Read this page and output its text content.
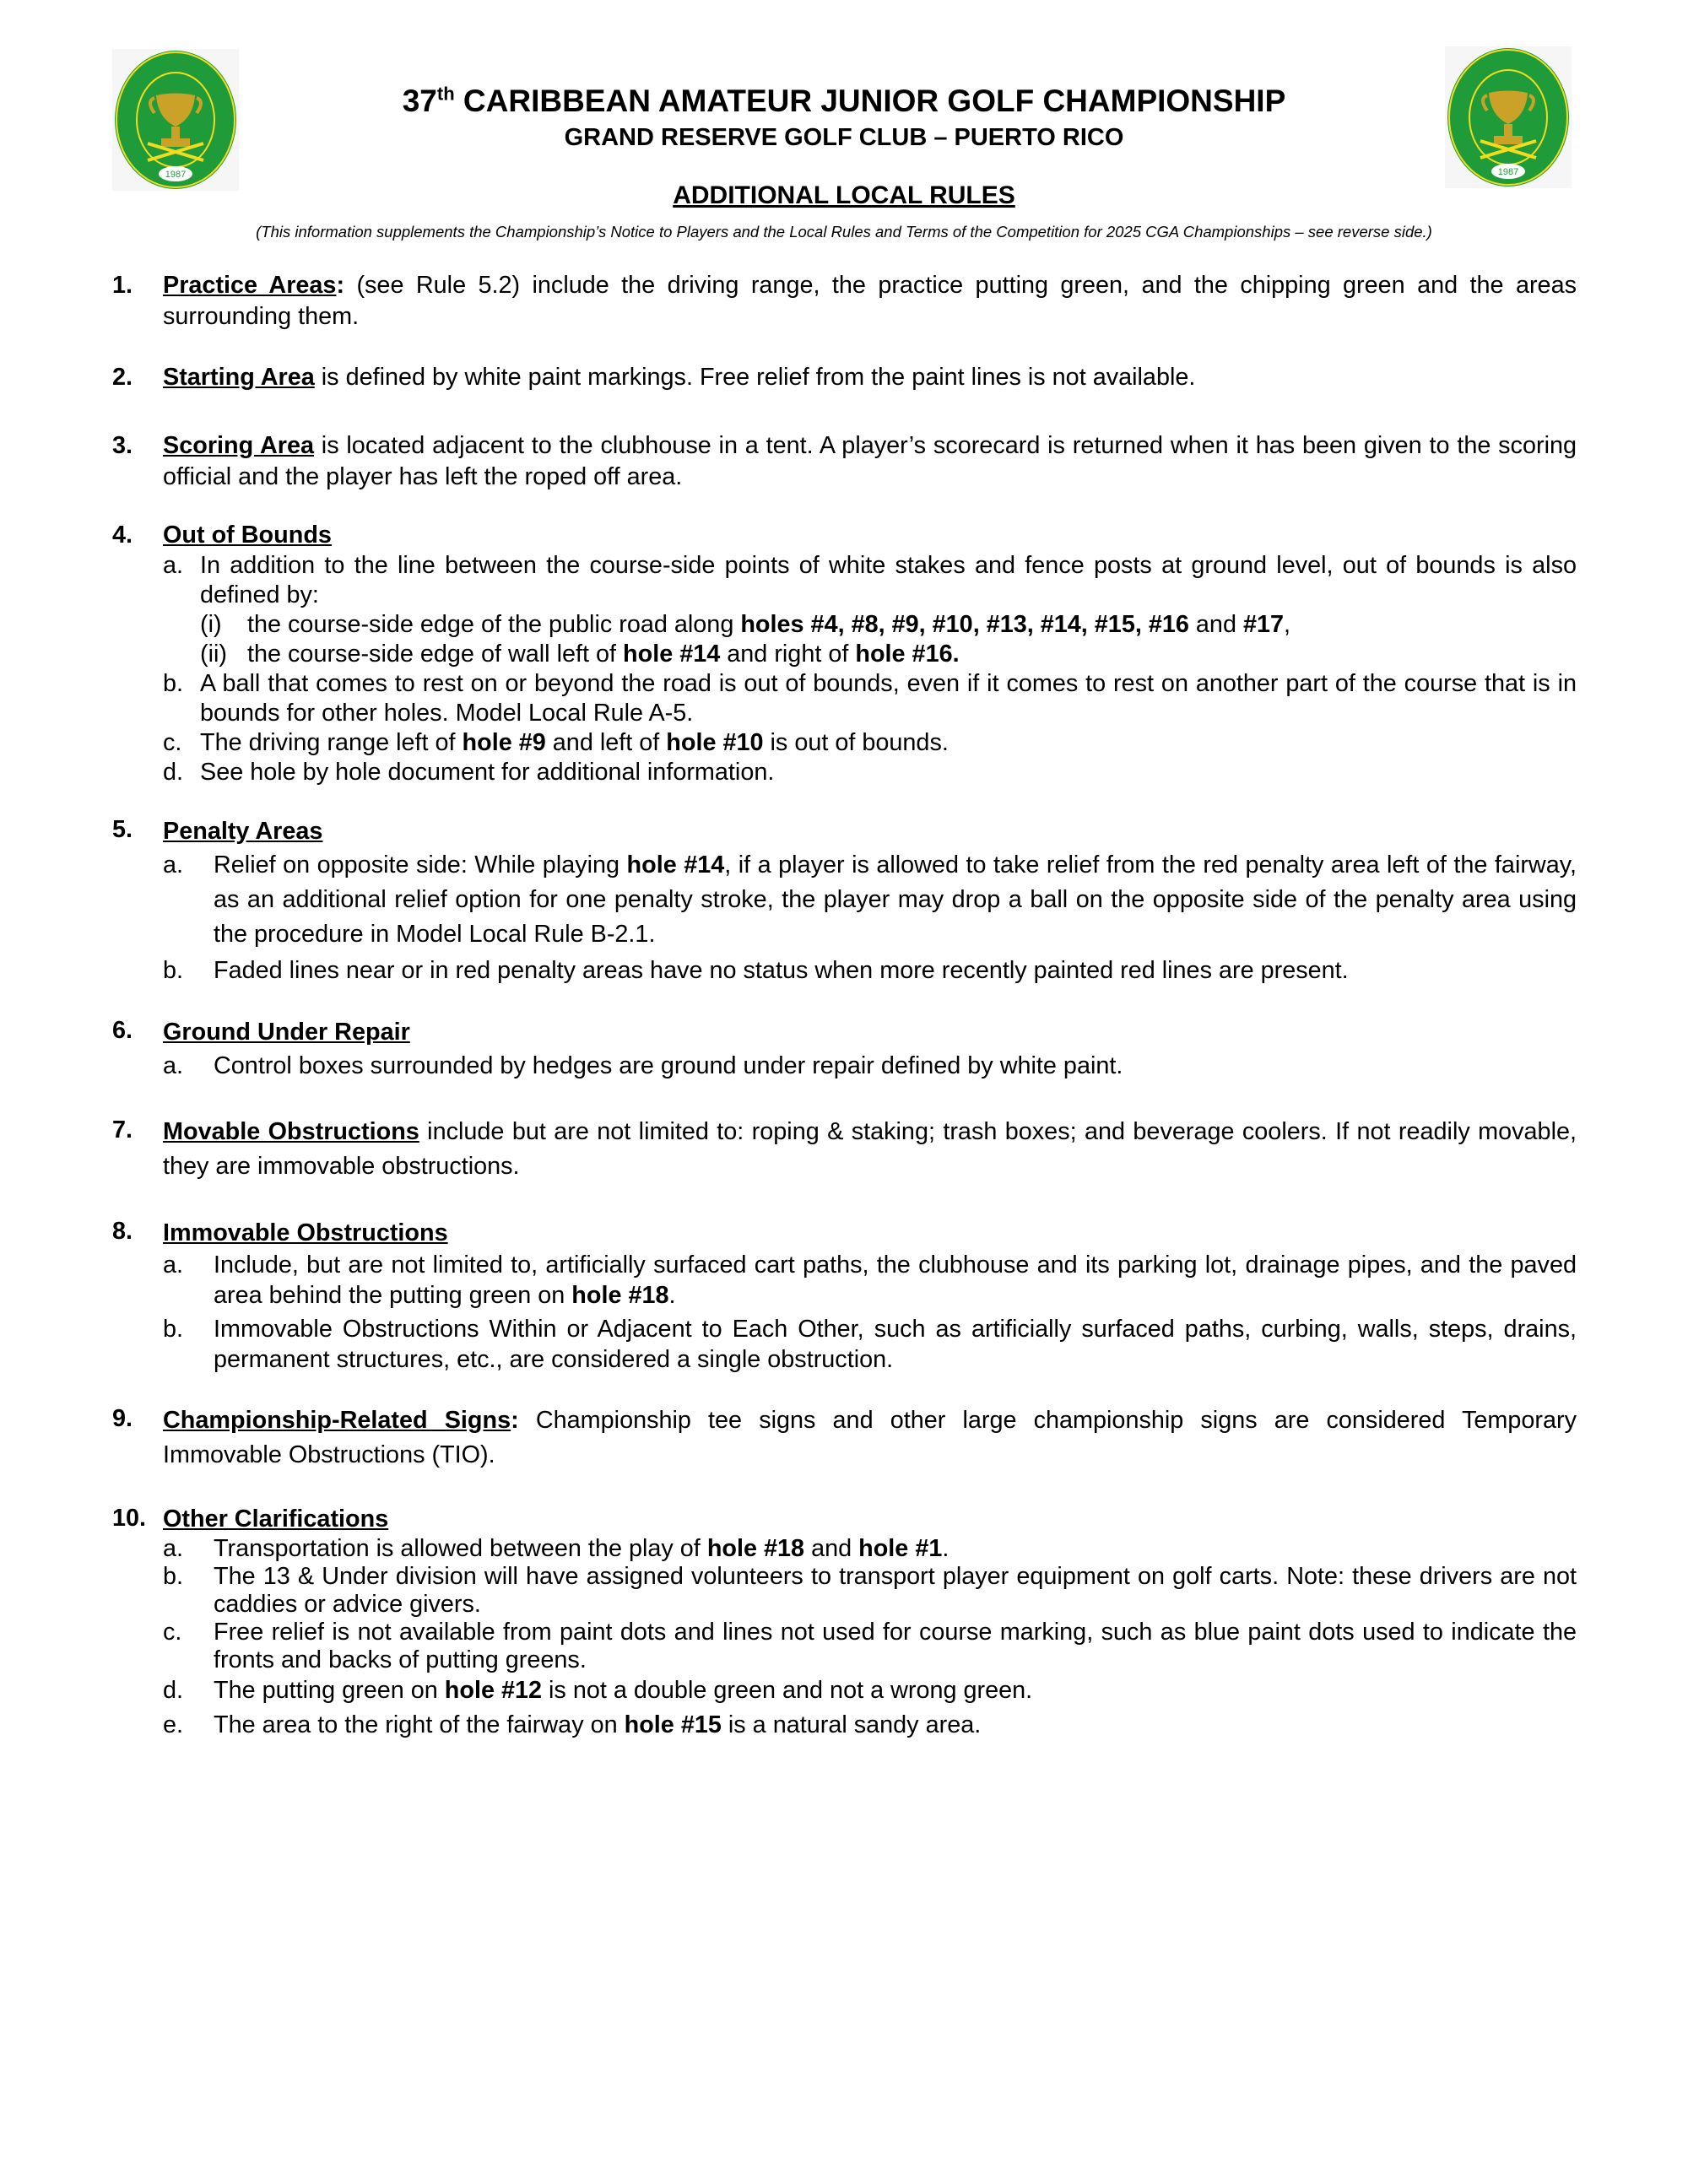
1987	1987
37th CARIBBEAN AMATEUR JUNIOR GOLF CHAMPIONSHIP
GRAND RESERVE GOLF CLUB – PUERTO RICO
ADDITIONAL LOCAL RULES
(This information supplements the Championship’s Notice to Players and the Local Rules and Terms of the Competition for 2025 CGA Championships – see reverse side.)
1. Practice Areas: (see Rule 5.2) include the driving range, the practice putting green, and the chipping green and the areas surrounding them.
2. Starting Area is defined by white paint markings. Free relief from the paint lines is not available.
3. Scoring Area is located adjacent to the clubhouse in a tent. A player’s scorecard is returned when it has been given to the scoring official and the player has left the roped off area.
4. Out of Bounds
a. In addition to the line between the course-side points of white stakes and fence posts at ground level, out of bounds is also defined by:
(i) the course-side edge of the public road along holes #4, #8, #9, #10, #13, #14, #15, #16 and #17,
(ii) the course-side edge of wall left of hole #14 and right of hole #16.
b. A ball that comes to rest on or beyond the road is out of bounds, even if it comes to rest on another part of the course that is in bounds for other holes. Model Local Rule A-5.
c. The driving range left of hole #9 and left of hole #10 is out of bounds.
d. See hole by hole document for additional information.
5. Penalty Areas
a. Relief on opposite side: While playing hole #14, if a player is allowed to take relief from the red penalty area left of the fairway, as an additional relief option for one penalty stroke, the player may drop a ball on the opposite side of the penalty area using the procedure in Model Local Rule B-2.1.
b. Faded lines near or in red penalty areas have no status when more recently painted red lines are present.
6. Ground Under Repair
a. Control boxes surrounded by hedges are ground under repair defined by white paint.
7. Movable Obstructions include but are not limited to: roping & staking; trash boxes; and beverage coolers. If not readily movable, they are immovable obstructions.
8. Immovable Obstructions
a. Include, but are not limited to, artificially surfaced cart paths, the clubhouse and its parking lot, drainage pipes, and the paved area behind the putting green on hole #18.
b. Immovable Obstructions Within or Adjacent to Each Other, such as artificially surfaced paths, curbing, walls, steps, drains, permanent structures, etc., are considered a single obstruction.
9. Championship-Related Signs: Championship tee signs and other large championship signs are considered Temporary Immovable Obstructions (TIO).
10. Other Clarifications
a. Transportation is allowed between the play of hole #18 and hole #1.
b. The 13 & Under division will have assigned volunteers to transport player equipment on golf carts. Note: these drivers are not caddies or advice givers.
c. Free relief is not available from paint dots and lines not used for course marking, such as blue paint dots used to indicate the fronts and backs of putting greens.
d. The putting green on hole #12 is not a double green and not a wrong green.
e. The area to the right of the fairway on hole #15 is a natural sandy area.
